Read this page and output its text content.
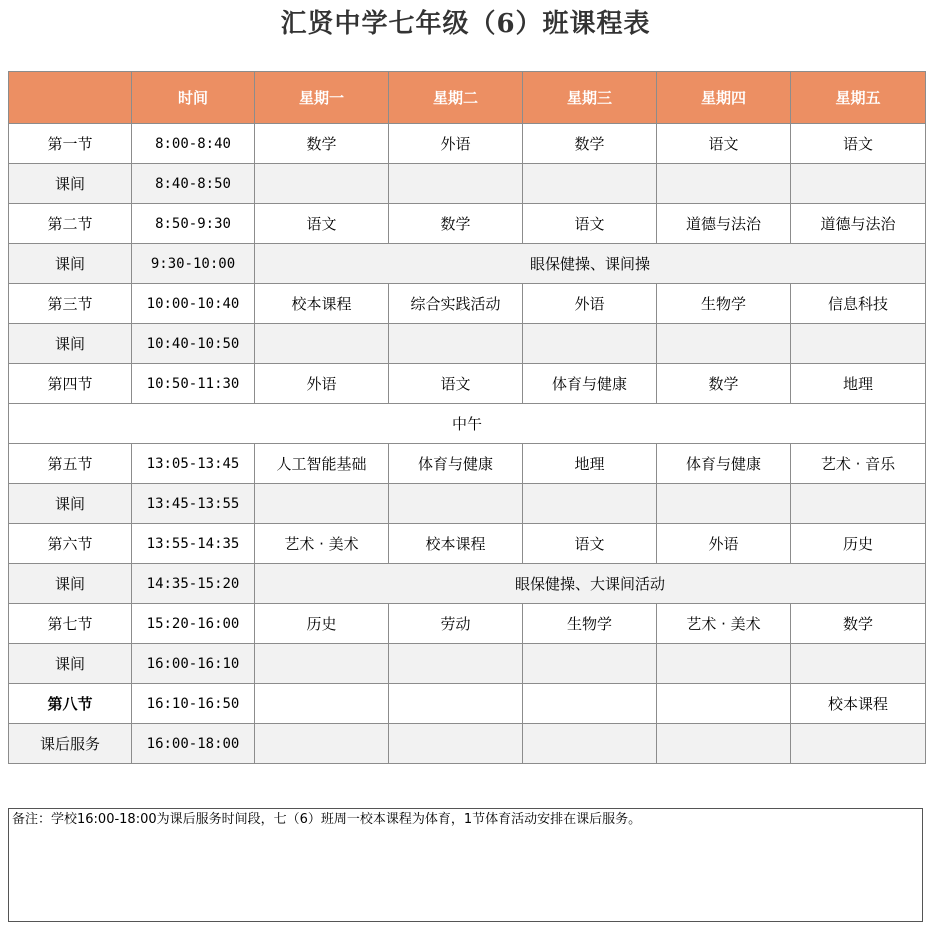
汇贤中学七年级（6）班课程表
	时间	星期一	星期二	星期三	星期四	星期五
第一节	8:00-8:40	数学	外语	数学	语文	语文
课间	8:40-8:50					
第二节	8:50-9:30	语文	数学	语文	道德与法治	道德与法治
课间	9:30-10:00	眼保健操、课间操				
第三节	10:00-10:40	校本课程	综合实践活动	外语	生物学	信息科技
课间	10:40-10:50					
第四节	10:50-11:30	外语	语文	体育与健康	数学	地理
中午						
第五节	13:05-13:45	人工智能基础	体育与健康	地理	体育与健康	艺术 · 音乐
课间	13:45-13:55					
第六节	13:55-14:35	艺术 · 美术	校本课程	语文	外语	历史
课间	14:35-15:20	眼保健操、大课间活动				
第七节	15:20-16:00	历史	劳动	生物学	艺术 · 美术	数学
课间	16:00-16:10					
第八节	16:10-16:50					校本课程
课后服务	16:00-18:00					
备注：学校16:00-18:00为课后服务时间段，七（6）班周一校本课程为体育，1节体育活动安排在课后服务。
